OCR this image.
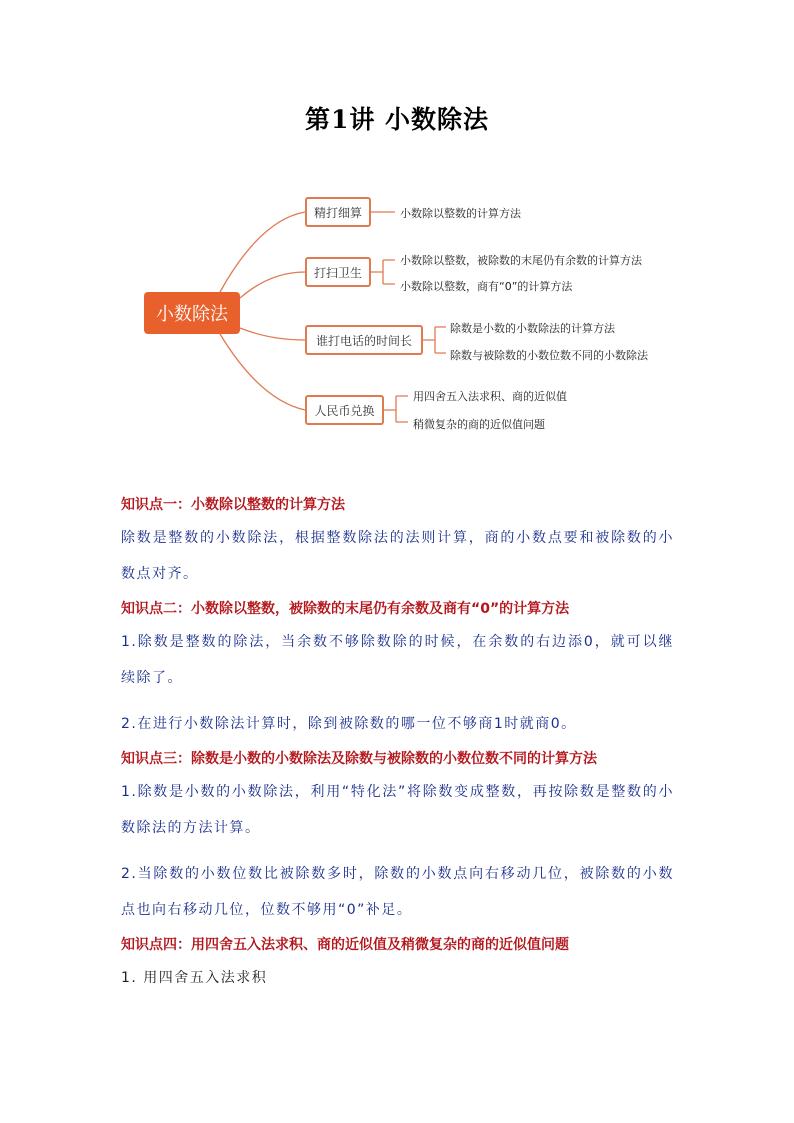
第1讲 小数除法
小数除法
精打细算
打扫卫生
谁打电话的时间长
人民币兑换
小数除以整数的计算方法
小数除以整数，被除数的末尾仍有余数的计算方法
小数除以整数，商有“0”的计算方法
除数是小数的小数除法的计算方法
除数与被除数的小数位数不同的小数除法
用四舍五入法求积、商的近似值
稍微复杂的商的近似值问题

知识点一：小数除以整数的计算方法

除数是整数的小数除法，根据整数除法的法则计算，商的小数点要和被除数的小数点对齐。

知识点二：小数除以整数，被除数的末尾仍有余数及商有“0”的计算方法

1.除数是整数的除法，当余数不够除数除的时候，在余数的右边添0，就可以继续除了。

2.在进行小数除法计算时，除到被除数的哪一位不够商1时就商0。

知识点三：除数是小数的小数除法及除数与被除数的小数位数不同的计算方法

1.除数是小数的小数除法，利用“特化法”将除数变成整数，再按除数是整数的小数除法的方法计算。

2.当除数的小数位数比被除数多时，除数的小数点向右移动几位，被除数的小数点也向右移动几位，位数不够用“0”补足。

知识点四：用四舍五入法求积、商的近似值及稍微复杂的商的近似值问题

1. 用四舍五入法求积
